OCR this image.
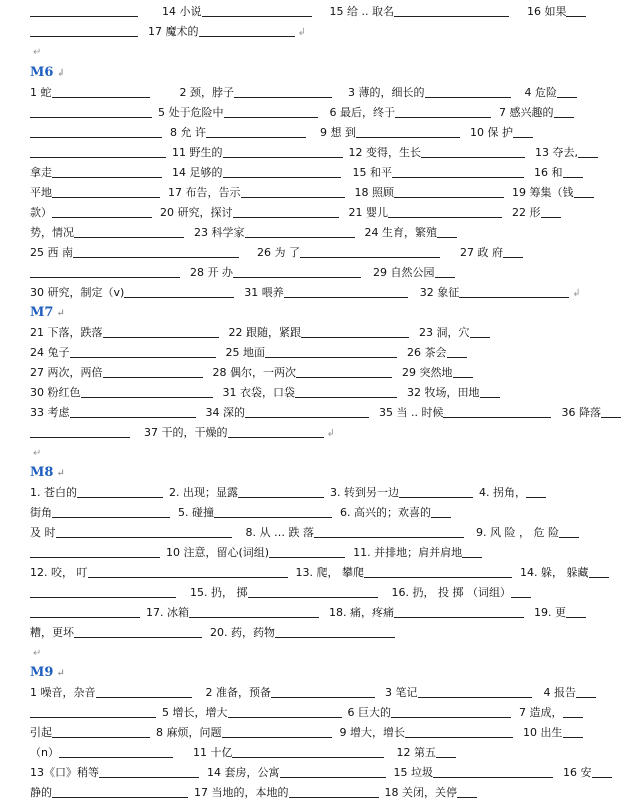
14 小说	15 给 .. 取名	16 如果
17 魔术的	↲
↵
M6 ↲
1 蛇	2 颈，脖子	3 薄的，细长的	4 危险
5 处于危险中	6 最后，终于	7 感兴趣的
8 允 许	9 想 到	10 保 护
11 野生的	12 变得，生长	13 夺去,
拿走	14 足够的	15 和平	16 和
平地	17 布告，告示	18 照顾	19 筹集（钱
款）	20 研究，探讨	21 婴儿	22 形
势，情况	23 科学家	24 生育，繁殖
25 西 南	26 为 了	27 政 府
28 开 办	29 自然公园
30 研究，制定（v)	31 喂养	32 象征	↲
M7 ↵
21 下落，跌落	22 跟随，紧跟	23 洞，穴
24 兔子	25 地面	26 茶会
27 两次，两倍	28 偶尔，一两次	29 突然地
30 粉红色	31 衣袋，口袋	32 牧场，田地
33 考虑	34 深的	35 当 .. 时候	36 降落
37 干的，干燥的	↲
↵
M8 ↵
1. 苍白的	2. 出现；显露	3. 转到另一边	4. 拐角，
街角	5. 碰撞	6. 高兴的；欢喜的
及 时	8. 从 … 跌 落	9. 风 险 ， 危 险
10 注意，留心(词组)	11. 并排地；肩并肩地
12. 咬， 叮	13. 爬， 攀爬	14. 躲， 躲藏
15. 扔， 掷	16. 扔， 投 掷 （词组）
17. 冰箱	18. 痛，疼痛	19. 更
糟，更坏	20. 药，药物
↵
M9 ↵
1 噪音，杂音	2 准备，预备	3 笔记	4 报告
5 增长，增大	6 巨大的	7 造成，
引起	8 麻烦，问题	9 增大，增长	10 出生
（n）	11 十亿	12 第五
13《口》稍等	14 套房，公寓	15 垃圾	16 安
静的	17 当地的，本地的	18 关闭，关停
